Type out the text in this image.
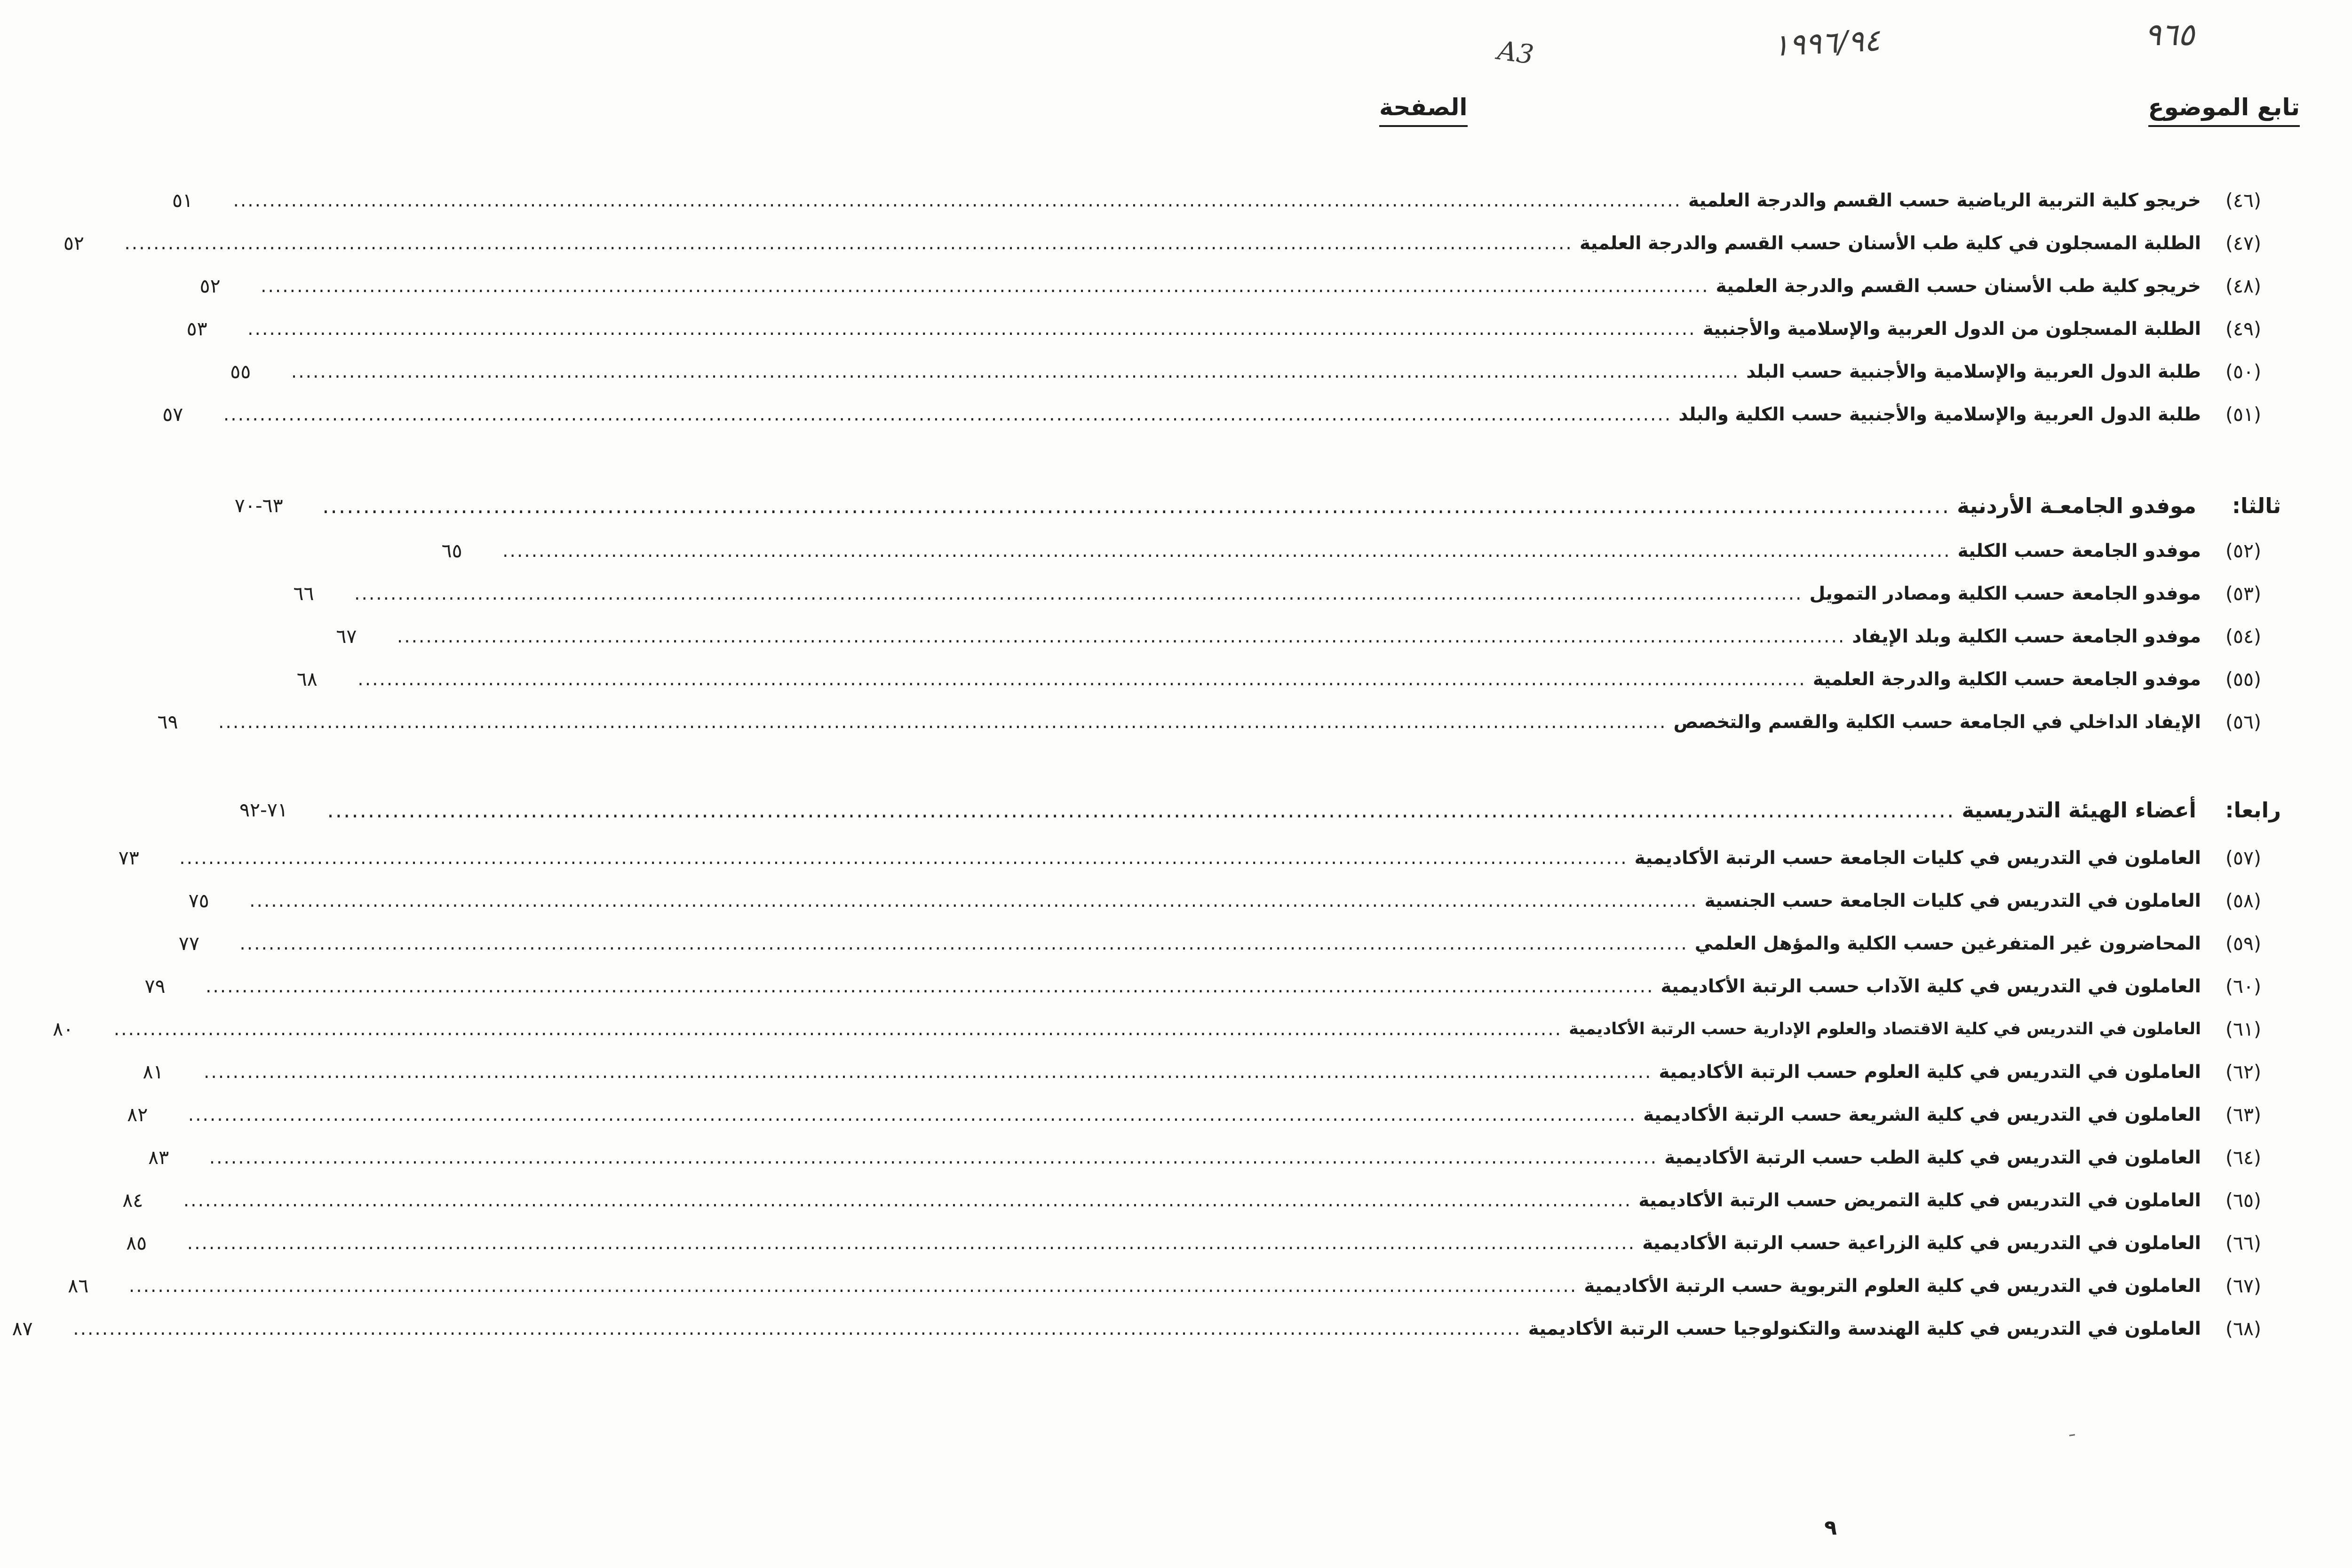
A3	١٩٩٦/٩٤	٩٦٥
تابع الموضوع
الصفحة
(٤٦)
خريجو كلية التربية الرياضية حسب القسم والدرجة العلمية
........................................................................................................................................................................................................
٥١
(٤٧)
الطلبة المسجلون في كلية طب الأسنان حسب القسم والدرجة العلمية
........................................................................................................................................................................................................
٥٢
(٤٨)
خريجو كلية طب الأسنان حسب القسم والدرجة العلمية
........................................................................................................................................................................................................
٥٢
(٤٩)
الطلبة المسجلون من الدول العربية والإسلامية والأجنبية
........................................................................................................................................................................................................
٥٣
(٥٠)
طلبة الدول العربية والإسلامية والأجنبية حسب البلد
........................................................................................................................................................................................................
٥٥
(٥١)
طلبة الدول العربية والإسلامية والأجنبية حسب الكلية والبلد
........................................................................................................................................................................................................
٥٧
ثالثا:
موفدو الجامعـة الأردنية
........................................................................................................................................................................................................
٦٣-٧٠
(٥٢)
موفدو الجامعة حسب الكلية
........................................................................................................................................................................................................
٦٥
(٥٣)
موفدو الجامعة حسب الكلية ومصادر التمويل
........................................................................................................................................................................................................
٦٦
(٥٤)
موفدو الجامعة حسب الكلية وبلد الإيفاد
........................................................................................................................................................................................................
٦٧
(٥٥)
موفدو الجامعة حسب الكلية والدرجة العلمية
........................................................................................................................................................................................................
٦٨
(٥٦)
الإيفاد الداخلي في الجامعة حسب الكلية والقسم والتخصص
........................................................................................................................................................................................................
٦٩
رابعا:
أعضاء الهيئة التدريسية
........................................................................................................................................................................................................
٧١-٩٢
(٥٧)
العاملون في التدريس في كليات الجامعة حسب الرتبة الأكاديمية
........................................................................................................................................................................................................
٧٣
(٥٨)
العاملون في التدريس في كليات الجامعة حسب الجنسية
........................................................................................................................................................................................................
٧٥
(٥٩)
المحاضرون غير المتفرغين حسب الكلية والمؤهل العلمي
........................................................................................................................................................................................................
٧٧
(٦٠)
العاملون في التدريس في كلية الآداب حسب الرتبة الأكاديمية
........................................................................................................................................................................................................
٧٩
(٦١)
العاملون في التدريس في كلية الاقتصاد والعلوم الإدارية حسب الرتبة الأكاديمية
........................................................................................................................................................................................................
٨٠
(٦٢)
العاملون في التدريس في كلية العلوم حسب الرتبة الأكاديمية
........................................................................................................................................................................................................
٨١
(٦٣)
العاملون في التدريس في كلية الشريعة حسب الرتبة الأكاديمية
........................................................................................................................................................................................................
٨٢
(٦٤)
العاملون في التدريس في كلية الطب حسب الرتبة الأكاديمية
........................................................................................................................................................................................................
٨٣
(٦٥)
العاملون في التدريس في كلية التمريض حسب الرتبة الأكاديمية
........................................................................................................................................................................................................
٨٤
(٦٦)
العاملون في التدريس في كلية الزراعية حسب الرتبة الأكاديمية
........................................................................................................................................................................................................
٨٥
(٦٧)
العاملون في التدريس في كلية العلوم التربوية حسب الرتبة الأكاديمية
........................................................................................................................................................................................................
٨٦
(٦٨)
العاملون في التدريس في كلية الهندسة والتكنولوجيا حسب الرتبة الأكاديمية
........................................................................................................................................................................................................
٨٧
٩
